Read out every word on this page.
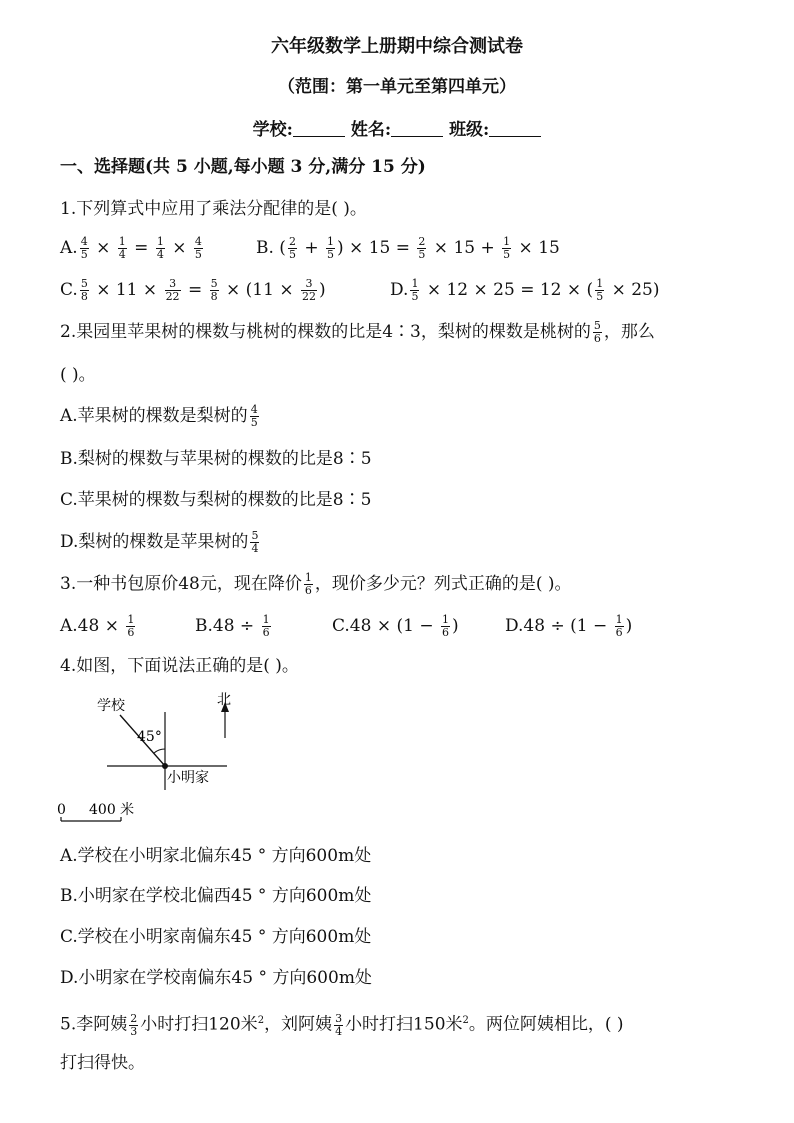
六年级数学上册期中综合测试卷
（范围：第一单元至第四单元）
学校:	姓名:	班级:
一、选择题(共 5 小题,每小题 3 分,满分 15 分)
1.下列算式中应用了乘法分配律的是( )。
A. $\frac{4}{5} \times \frac{1}{4} = \frac{1}{4} \times \frac{4}{5}$	B. ( $\frac{2}{5} + \frac{1}{5}$ ) × $15 = \frac{2}{5} \times 15 + \frac{1}{5} \times 15$
C. $\frac{5}{8} \times 11 \times \frac{3}{22} = \frac{5}{8} \times (11 \times \frac{3}{22}$ )	D. $\frac{1}{5} \times 12 \times 25 = 12$ × ( $\frac{1}{5} \times 25$)
2.果园里苹果树的棵数与桃树的棵数的比是4∶3，梨树的棵数是桃树的 $\frac{5}{6}$ ，那么
( )。
A.苹果树的棵数是梨树的 $\frac{4}{5}$
B.梨树的棵数与苹果树的棵数的比是8∶5
C.苹果树的棵数与梨树的棵数的比是8∶5
D.梨树的棵数是苹果树的 $\frac{5}{4}$
3.一种书包原价48元，现在降价 $\frac{1}{6}$ ，现价多少元？列式正确的是( )。
$A.48 \times \frac{1}{6}$	$B.48 \div \frac{1}{6}$	$C.48 \times (1 - \frac{1}{6}$ )	$D.48 \div (1 - \frac{1}{6}$ )
4.如图，下面说法正确的是( )。
学校	北
45°
小明家
0 400 米
A.学校在小明家北偏东45 ° 方向600m处
B.小明家在学校北偏西45 ° 方向600m处
C.学校在小明家南偏东45 ° 方向600m处
D.小明家在学校南偏东45 ° 方向600m处
5.李阿姨 $\frac{2}{3}$ 小时打扫120米$^2$，刘阿姨 $\frac{3}{4}$ 小时打扫150米$^2$。两位阿姨相比，( )
打扫得快。
